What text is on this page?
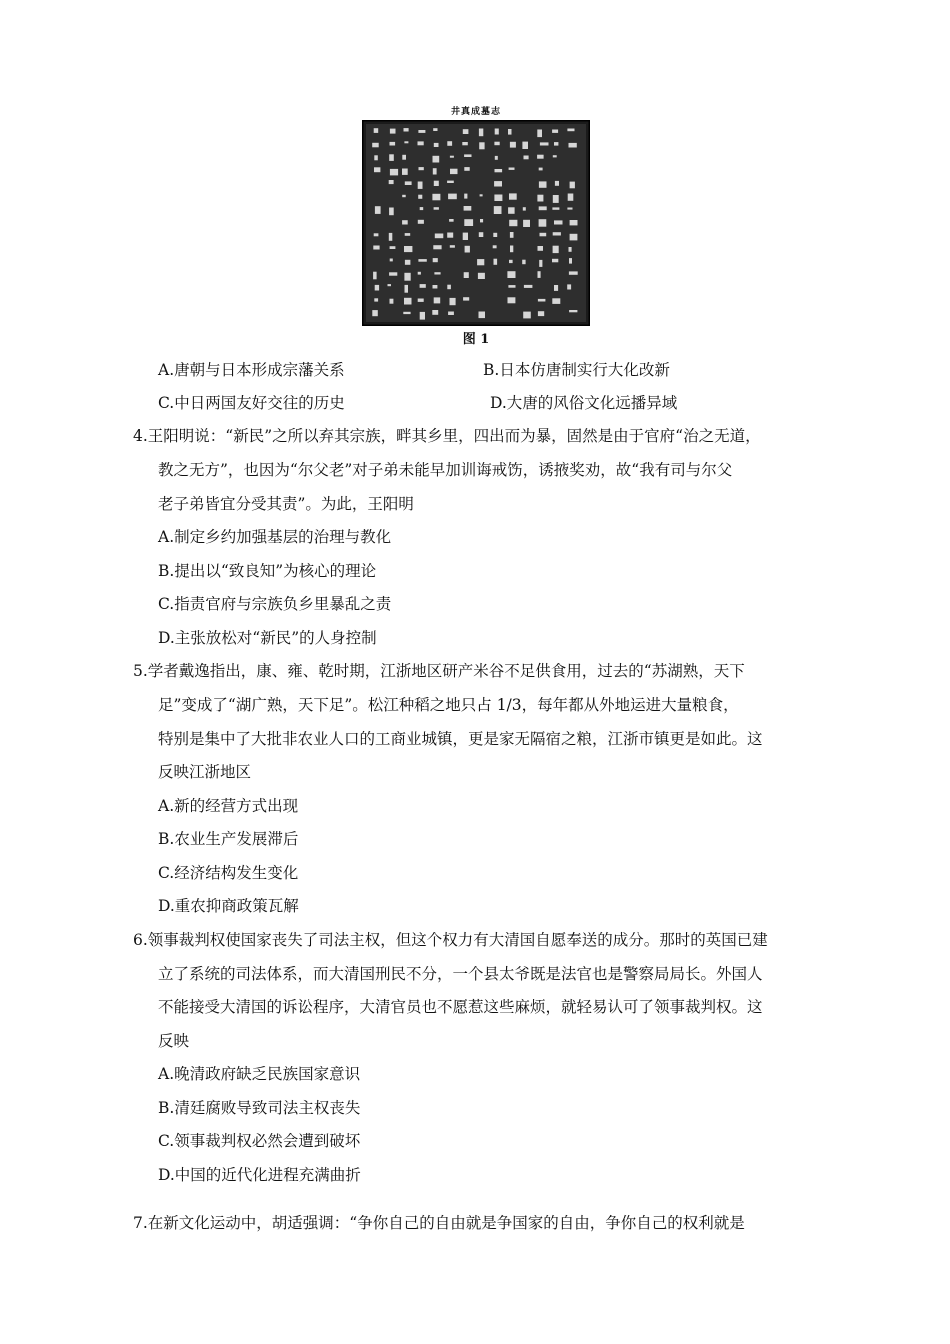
井真成墓志
图 1
A.唐朝与日本形成宗藩关系	B.日本仿唐制实行大化改新
C.中日两国友好交往的历史	D.大唐的风俗文化远播异域
4.王阳明说：“新民”之所以弃其宗族，畔其乡里，四出而为暴，固然是由于官府“治之无道，
教之无方”，也因为“尔父老”对子弟未能早加训诲戒饬，诱掖奖劝，故“我有司与尔父
老子弟皆宜分受其责”。为此，王阳明
A.制定乡约加强基层的治理与教化
B.提出以“致良知”为核心的理论
C.指责官府与宗族负乡里暴乱之责
D.主张放松对“新民”的人身控制
5.学者戴逸指出，康、雍、乾时期，江浙地区研产米谷不足供食用，过去的“苏湖熟，天下
足”变成了“湖广熟，天下足”。松江种稻之地只占 1/3，每年都从外地运进大量粮食，
特别是集中了大批非农业人口的工商业城镇，更是家无隔宿之粮，江浙市镇更是如此。这
反映江浙地区
A.新的经营方式出现
B.农业生产发展滞后
C.经济结构发生变化
D.重农抑商政策瓦解
6.领事裁判权使国家丧失了司法主权，但这个权力有大清国自愿奉送的成分。那时的英国已建
立了系统的司法体系，而大清国刑民不分，一个县太爷既是法官也是警察局局长。外国人
不能接受大清国的诉讼程序，大清官员也不愿惹这些麻烦，就轻易认可了领事裁判权。这
反映
A.晚清政府缺乏民族国家意识
B.清廷腐败导致司法主权丧失
C.领事裁判权必然会遭到破坏
D.中国的近代化进程充满曲折
7.在新文化运动中，胡适强调：“争你自己的自由就是争国家的自由，争你自己的权利就是
